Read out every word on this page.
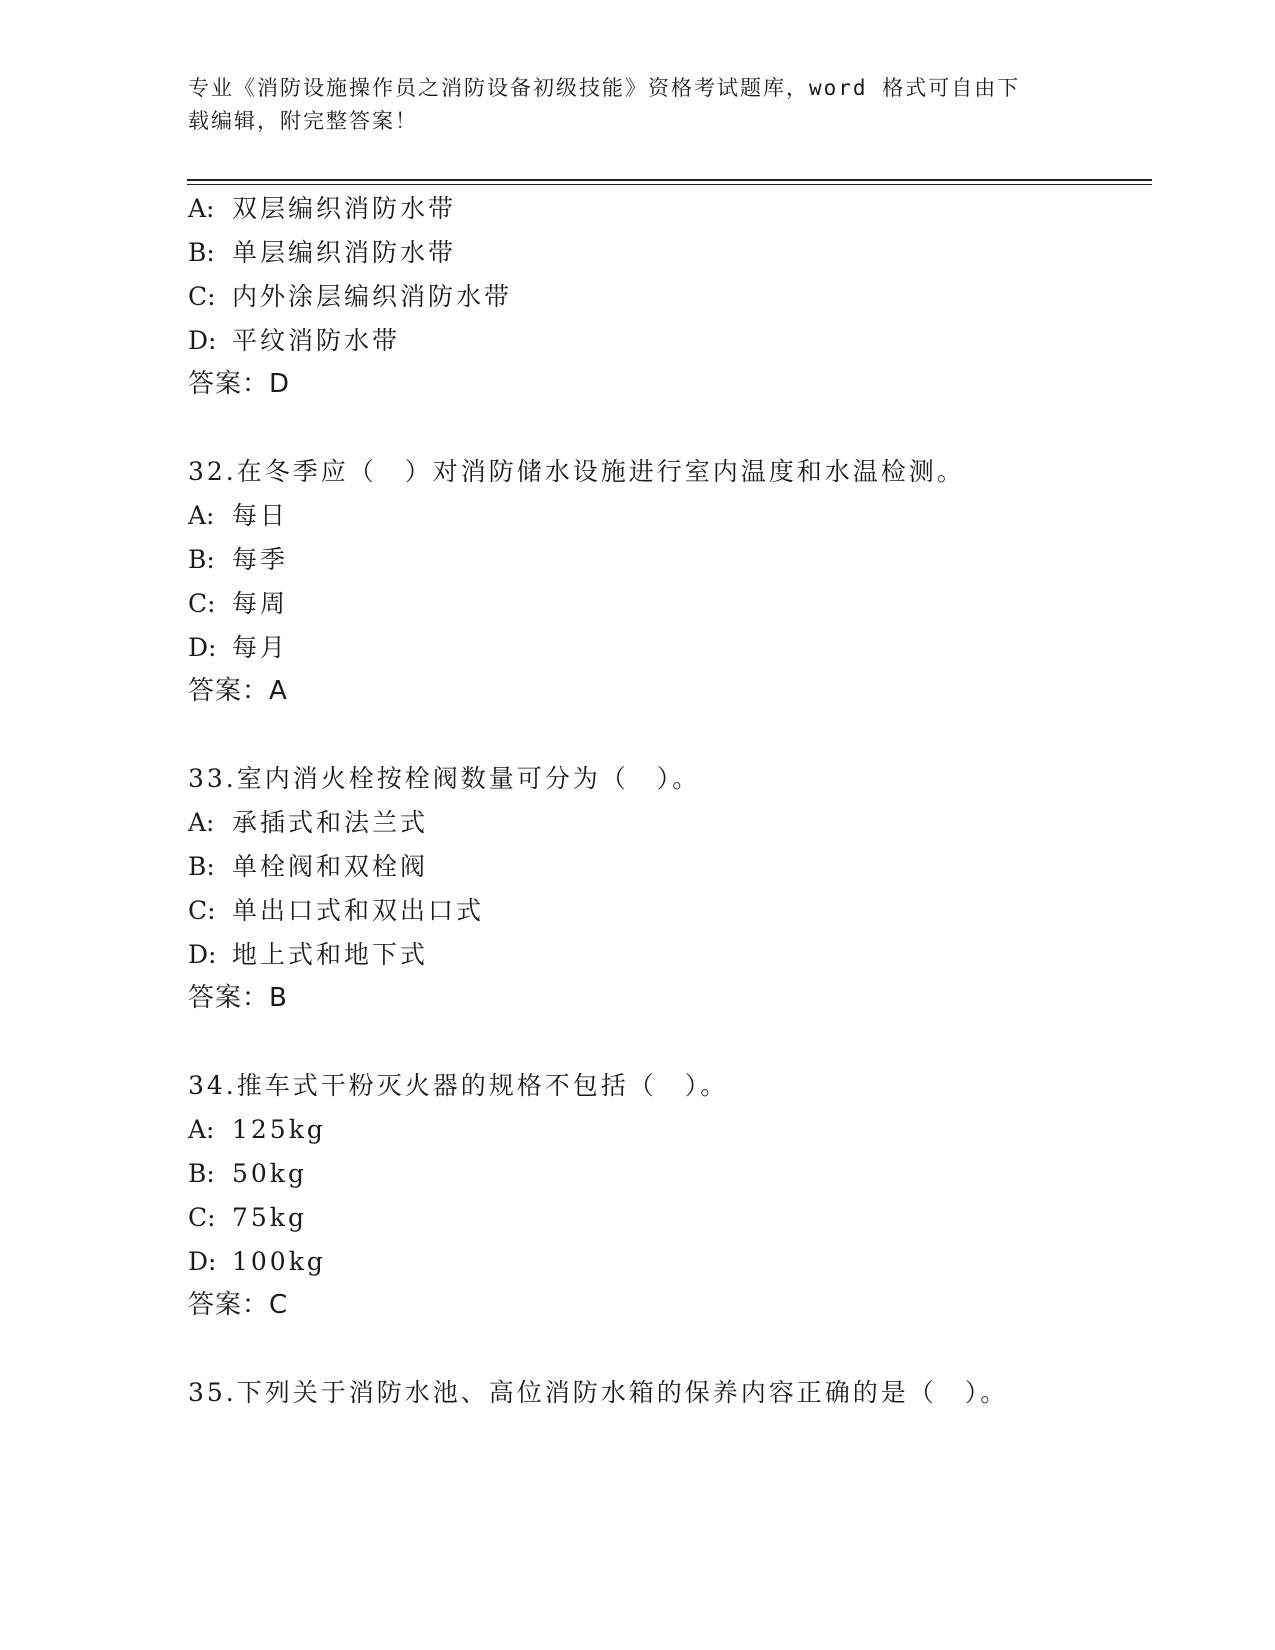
专业《消防设施操作员之消防设备初级技能》资格考试题库，word 格式可自由下
载编辑，附完整答案！
A: 双层编织消防水带
B: 单层编织消防水带
C: 内外涂层编织消防水带
D: 平纹消防水带
答案：D
32.在冬季应（　）对消防储水设施进行室内温度和水温检测。
A: 每日
B: 每季
C: 每周
D: 每月
答案：A
33.室内消火栓按栓阀数量可分为（　）。
A: 承插式和法兰式
B: 单栓阀和双栓阀
C: 单出口式和双出口式
D: 地上式和地下式
答案：B
34.推车式干粉灭火器的规格不包括（　）。
A: 125kg
B: 50kg
C: 75kg
D: 100kg
答案：C
35.下列关于消防水池、高位消防水箱的保养内容正确的是（　）。
